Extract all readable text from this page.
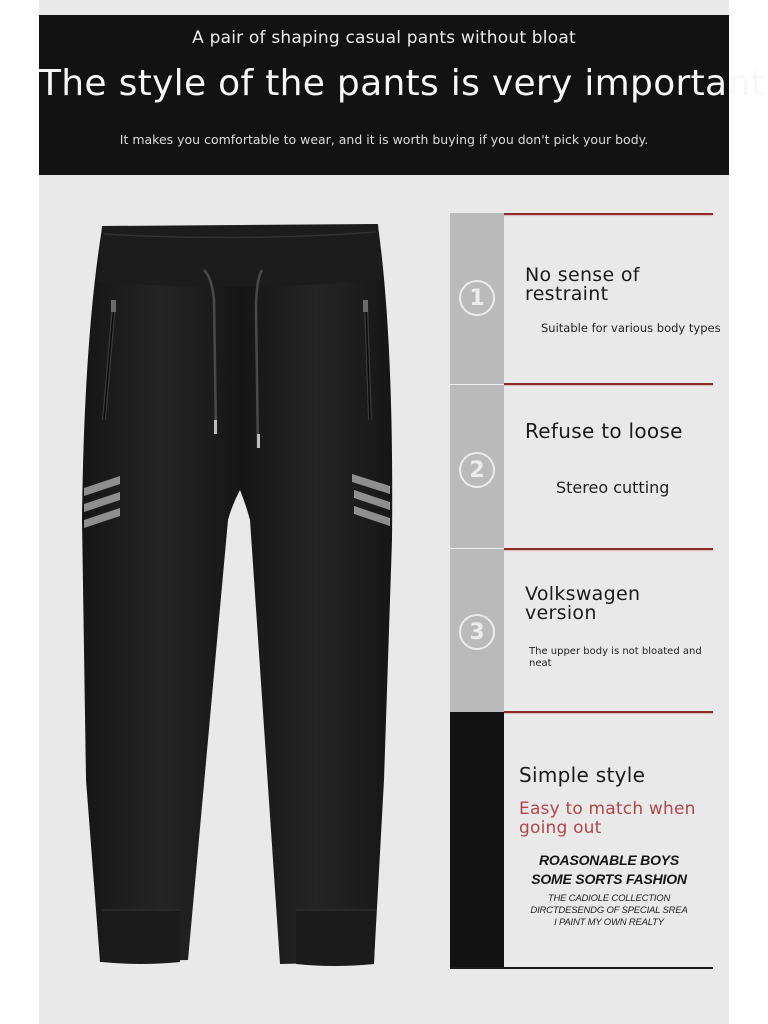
A pair of shaping casual pants without bloat
The style of the pants is very important
It makes you comfortable to wear, and it is worth buying if you don't pick your body.
1
No sense of
restraint
Suitable for various body types
2
Refuse to loose
Stereo cutting
3
Volkswagen
version
The upper body is not bloated and
neat
Simple style
Easy to match when
going out
ROASONABLE BOYS
SOME SORTS FASHION
THE CADIOLE COLLECTION
DIRCTDESENDG OF SPECIAL SREA
I PAINT MY OWN REALTY
